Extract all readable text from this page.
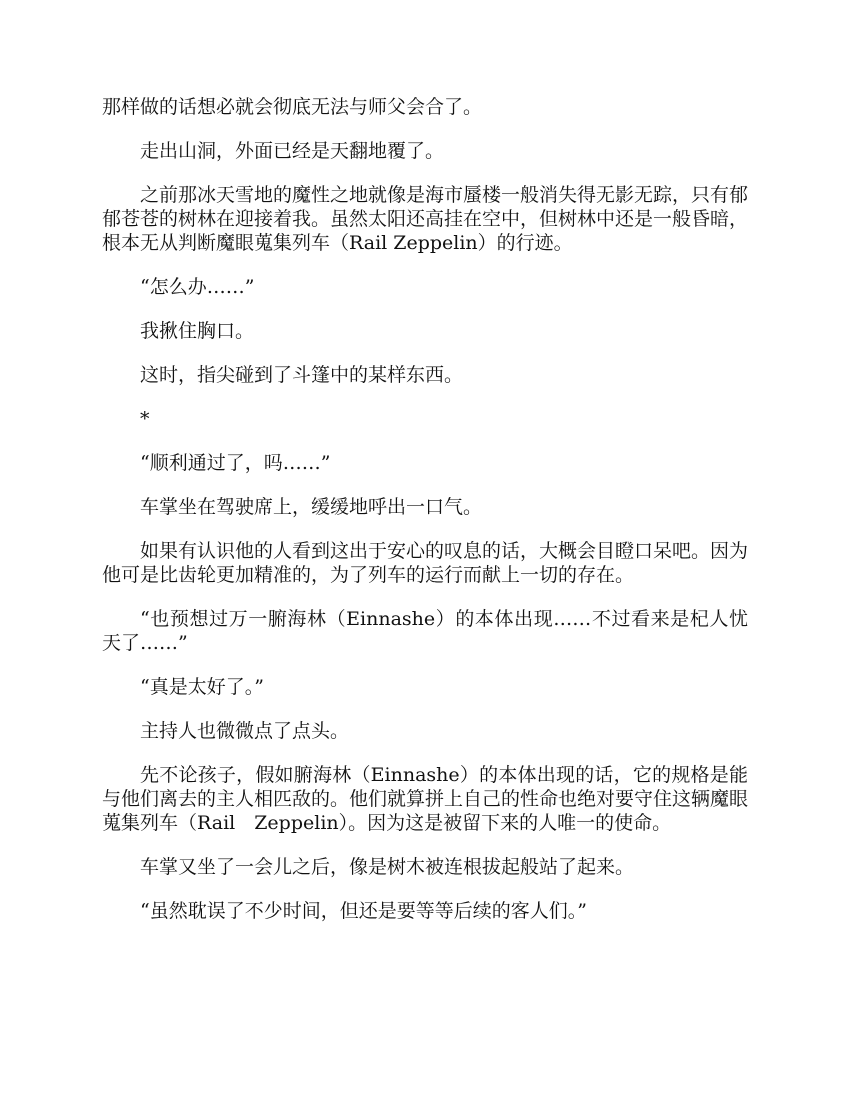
那样做的话想必就会彻底无法与师父会合了。

走出山洞，外面已经是天翻地覆了。

之前那冰天雪地的魔性之地就像是海市蜃楼一般消失得无影无踪，只有郁郁苍苍的树林在迎接着我。虽然太阳还高挂在空中，但树林中还是一般昏暗，根本无从判断魔眼蒐集列车（Rail Zeppelin）的行迹。

“怎么办……”

我揪住胸口。

这时，指尖碰到了斗篷中的某样东西。

*

“顺利通过了，吗……”

车掌坐在驾驶席上，缓缓地呼出一口气。

如果有认识他的人看到这出于安心的叹息的话，大概会目瞪口呆吧。因为他可是比齿轮更加精准的，为了列车的运行而献上一切的存在。

“也预想过万一腑海林（Einnashe）的本体出现……不过看来是杞人忧天了……”

“真是太好了。”

主持人也微微点了点头。

先不论孩子，假如腑海林（Einnashe）的本体出现的话，它的规格是能与他们离去的主人相匹敌的。他们就算拼上自己的性命也绝对要守住这辆魔眼蒐集列车（Rail　Zeppelin）。因为这是被留下来的人唯一的使命。

车掌又坐了一会儿之后，像是树木被连根拔起般站了起来。

“虽然耽误了不少时间，但还是要等等后续的客人们。”
